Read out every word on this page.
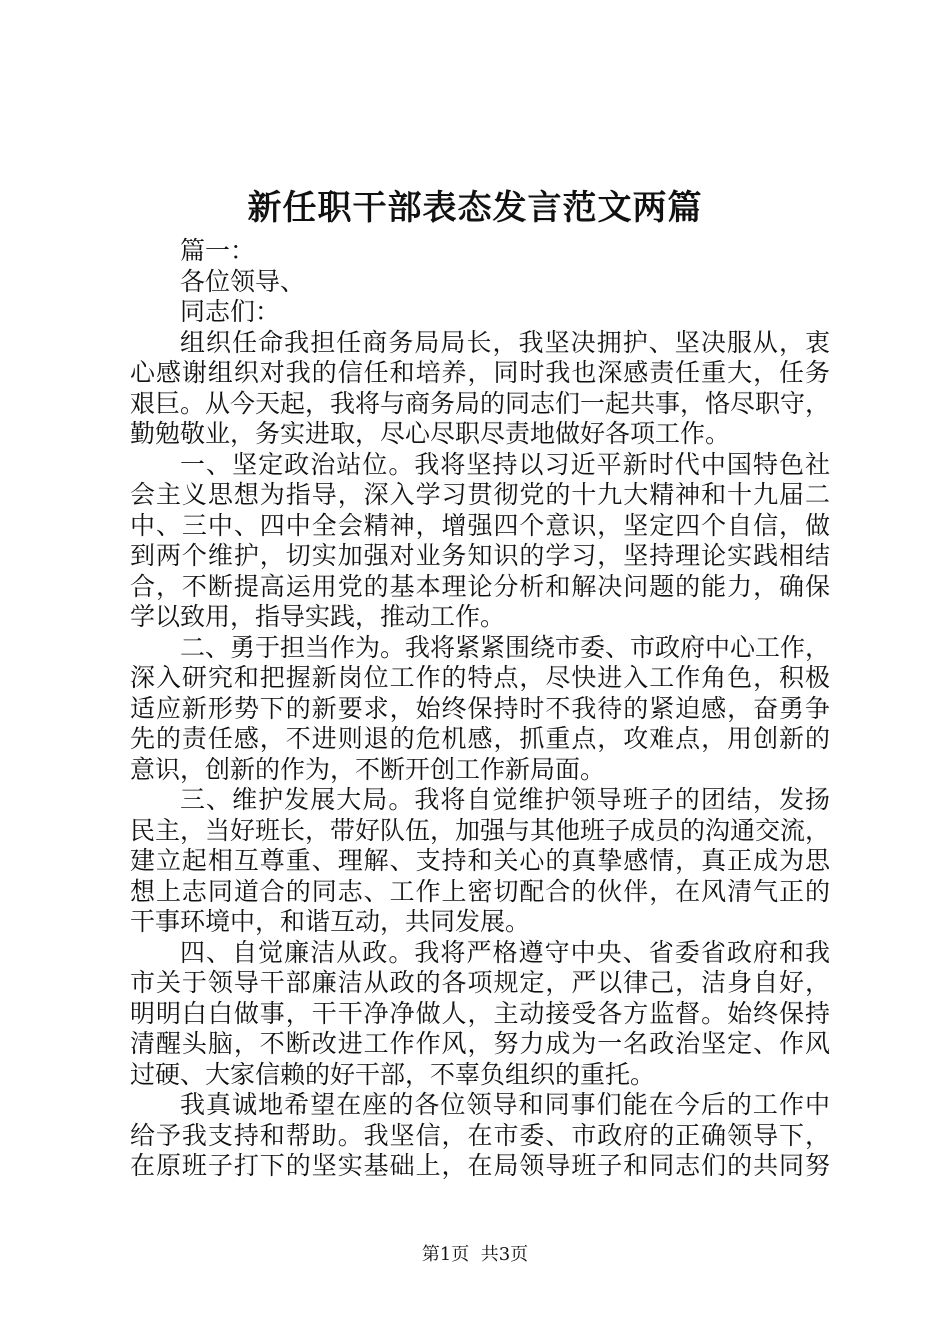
新任职干部表态发言范文两篇
篇一：
各位领导、
同志们：
组织任命我担任商务局局长，我坚决拥护、坚决服从，衷
心感谢组织对我的信任和培养，同时我也深感责任重大，任务
艰巨。从今天起，我将与商务局的同志们一起共事，恪尽职守，
勤勉敬业，务实进取，尽心尽职尽责地做好各项工作。
一、坚定政治站位。我将坚持以习近平新时代中国特色社
会主义思想为指导，深入学习贯彻党的十九大精神和十九届二
中、三中、四中全会精神，增强四个意识，坚定四个自信，做
到两个维护，切实加强对业务知识的学习，坚持理论实践相结
合，不断提高运用党的基本理论分析和解决问题的能力，确保
学以致用，指导实践，推动工作。
二、勇于担当作为。我将紧紧围绕市委、市政府中心工作，
深入研究和把握新岗位工作的特点，尽快进入工作角色，积极
适应新形势下的新要求，始终保持时不我待的紧迫感，奋勇争
先的责任感，不进则退的危机感，抓重点，攻难点，用创新的
意识，创新的作为，不断开创工作新局面。
三、维护发展大局。我将自觉维护领导班子的团结，发扬
民主，当好班长，带好队伍，加强与其他班子成员的沟通交流，
建立起相互尊重、理解、支持和关心的真挚感情，真正成为思
想上志同道合的同志、工作上密切配合的伙伴，在风清气正的
干事环境中，和谐互动，共同发展。
四、自觉廉洁从政。我将严格遵守中央、省委省政府和我
市关于领导干部廉洁从政的各项规定，严以律己，洁身自好，
明明白白做事，干干净净做人，主动接受各方监督。始终保持
清醒头脑，不断改进工作作风，努力成为一名政治坚定、作风
过硬、大家信赖的好干部，不辜负组织的重托。
我真诚地希望在座的各位领导和同事们能在今后的工作中
给予我支持和帮助。我坚信，在市委、市政府的正确领导下，
在原班子打下的坚实基础上，在局领导班子和同志们的共同努
第1页  共3页
